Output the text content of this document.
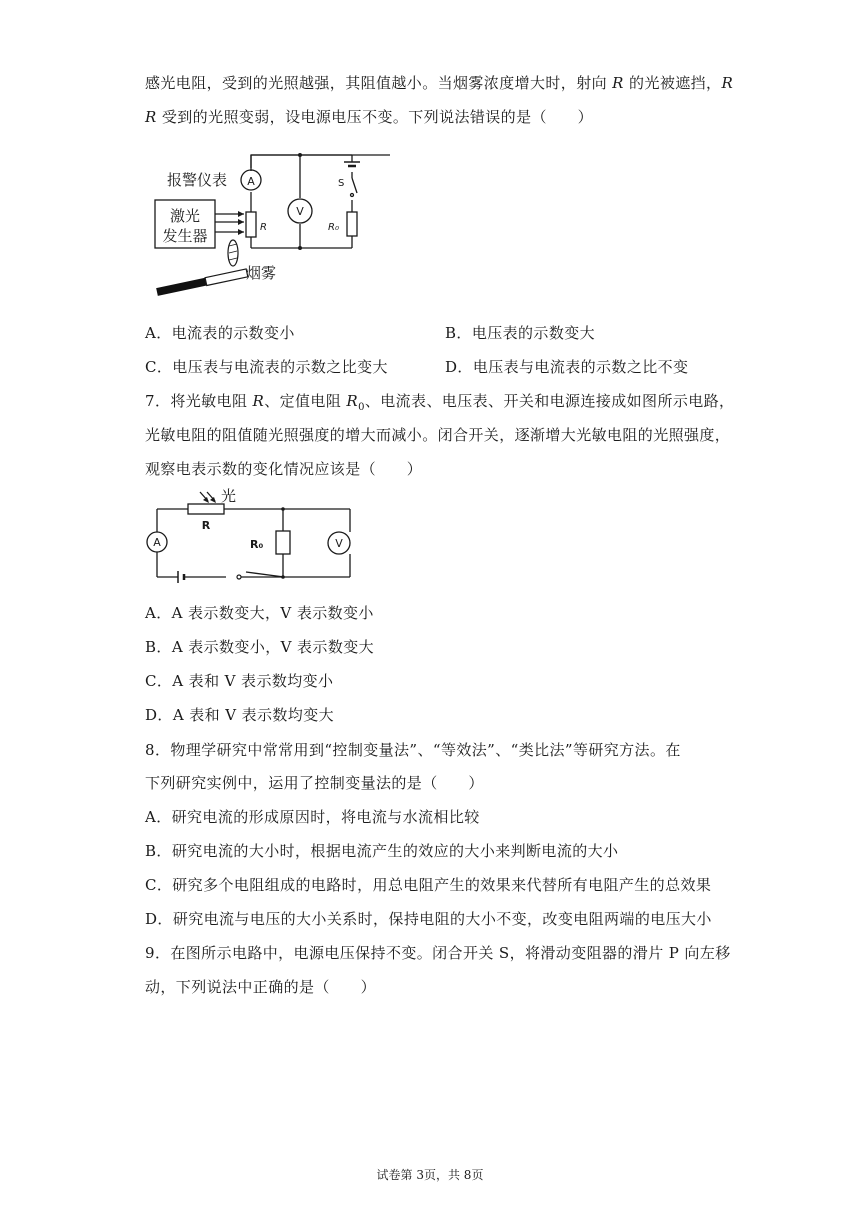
感光电阻，受到的光照越强，其阻值越小。当烟雾浓度增大时，射向 R 的光被遮挡，R
R 受到的光照变弱，设电源电压不变。下列说法错误的是（　　）
报警仪表 A
V
S
R	R₀
激光
发生器
烟雾
A．电流表的示数变小	B．电压表的示数变大
C．电压表与电流表的示数之比变大	D．电压表与电流表的示数之比不变
7．将光敏电阻 R、定值电阻 $R_0$、电流表、电压表、开关和电源连接成如图所示电路，
光敏电阻的阻值随光照强度的增大而减小。闭合开关，逐渐增大光敏电阻的光照强度，
观察电表示数的变化情况应该是（　　）
光
R
R₀
A	V
A．A 表示数变大，V 表示数变小
B．A 表示数变小，V 表示数变大
C．A 表和 V 表示数均变小
D．A 表和 V 表示数均变大
8．物理学研究中常常用到“控制变量法”、“等效法”、“类比法”等研究方法。在
下列研究实例中，运用了控制变量法的是（　　）
A．研究电流的形成原因时，将电流与水流相比较
B．研究电流的大小时，根据电流产生的效应的大小来判断电流的大小
C．研究多个电阻组成的电路时，用总电阻产生的效果来代替所有电阻产生的总效果
D．研究电流与电压的大小关系时，保持电阻的大小不变，改变电阻两端的电压大小
9．在图所示电路中，电源电压保持不变。闭合开关 S，将滑动变阻器的滑片 P 向左移
动，下列说法中正确的是（　　）
试卷第 3页，共 8页
